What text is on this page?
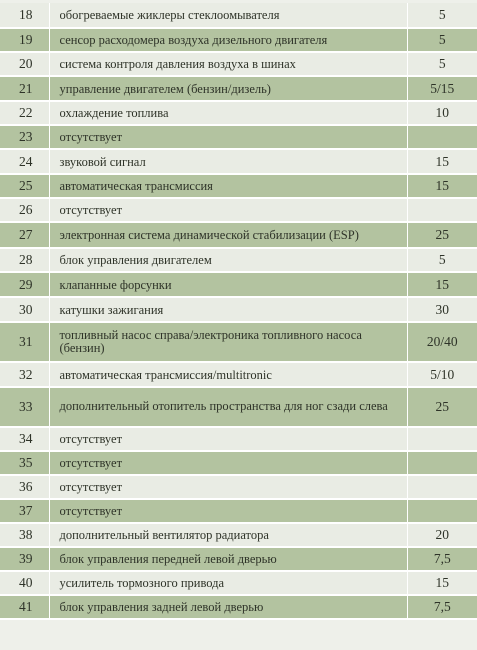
18	обогреваемые жиклеры стеклоомывателя	5
19	сенсор расходомера воздуха дизельного двигателя	5
20	система контроля давления воздуха в шинах	5
21	управление двигателем (бензин/дизель)	5/15
22	охлаждение топлива	10
23	отсутствует	
24	звуковой сигнал	15
25	автоматическая трансмиссия	15
26	отсутствует	
27	электронная система динамической стабилизации (ESP)	25
28	блок управления двигателем	5
29	клапанные форсунки	15
30	катушки зажигания	30
31	топливный насос справа/электроника топливного насоса (бензин)	20/40
32	автоматическая трансмиссия/multitronic	5/10
33	дополнительный отопитель пространства для ног сзади слева	25
34	отсутствует	
35	отсутствует	
36	отсутствует	
37	отсутствует	
38	дополнительный вентилятор радиатора	20
39	блок управления передней левой дверью	7,5
40	усилитель тормозного привода	15
41	блок управления задней левой дверью	7,5
